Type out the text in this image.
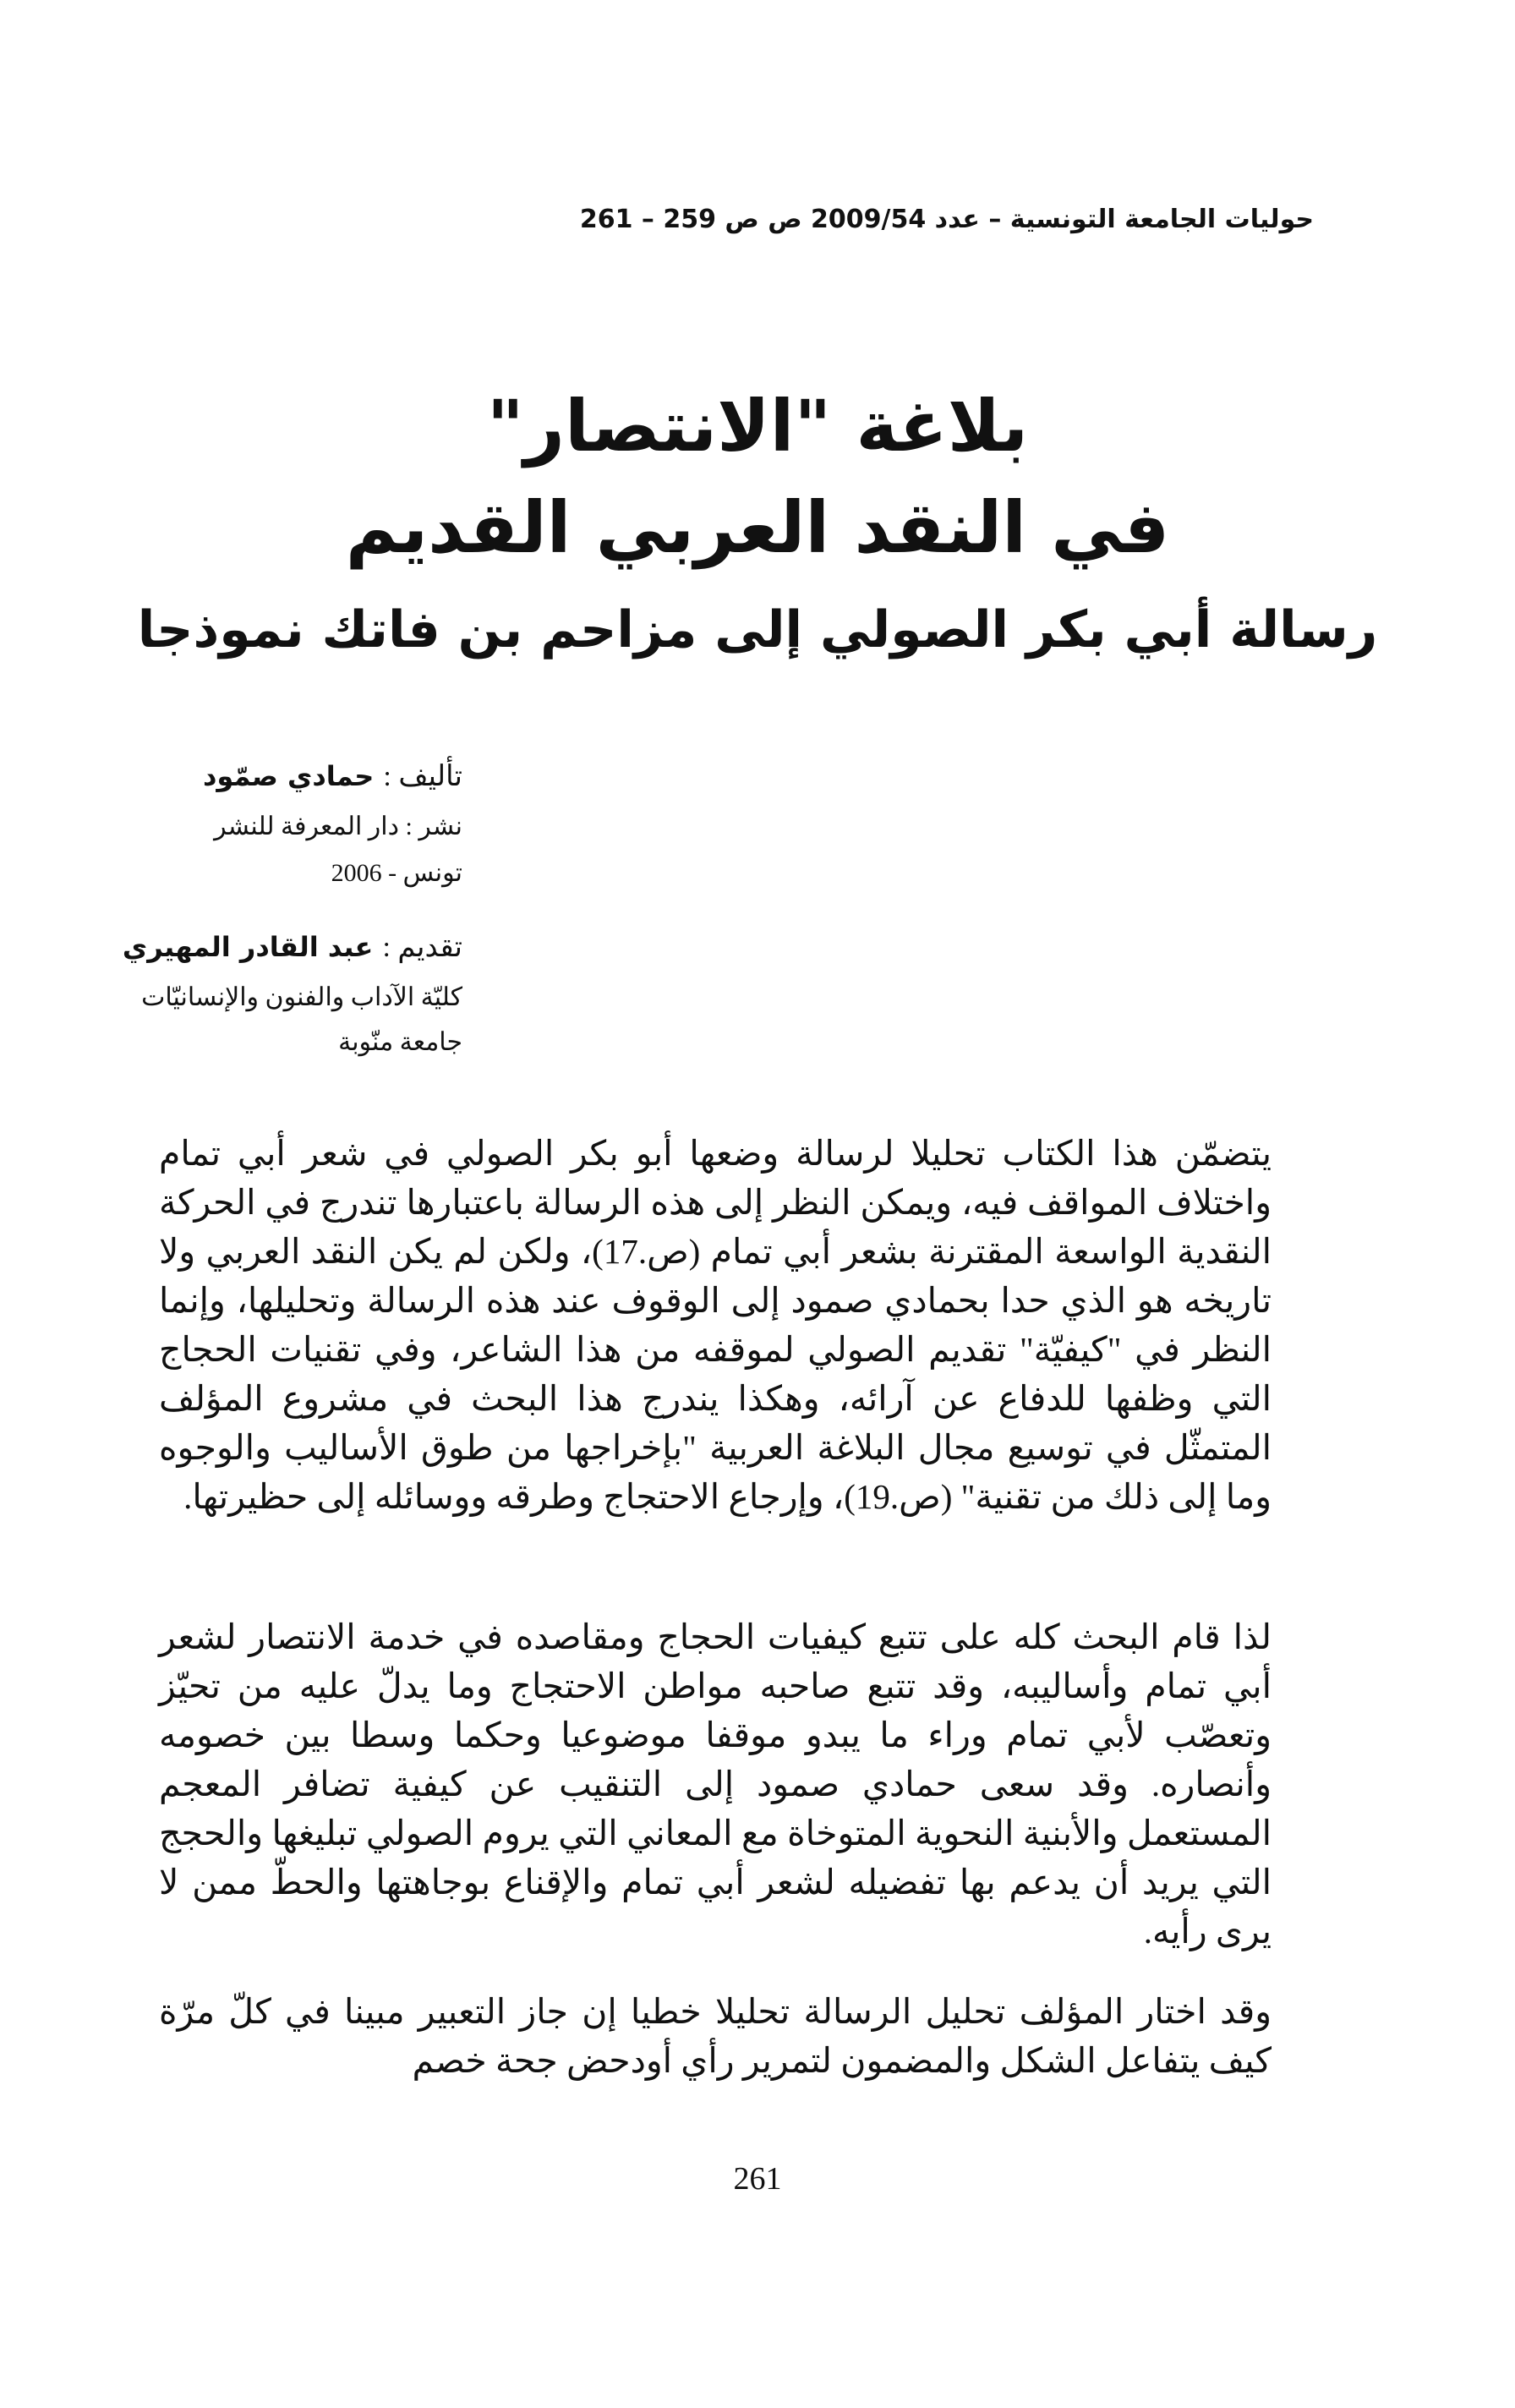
حوليات الجامعة التونسية – عدد 2009/54 ص ص 259 – 261
بلاغة "الانتصار"
في النقد العربي القديم
رسالة أبي بكر الصولي إلى مزاحم بن فاتك نموذجا
تأليف : حمادي صمّود
نشر : دار المعرفة للنشر
تونس - 2006
تقديم : عبد القادر المهيري
كليّة الآداب والفنون والإنسانيّات
جامعة منّوبة

يتضمّن هذا الكتاب تحليلا لرسالة وضعها أبو بكر الصولي في شعر أبي تمام واختلاف المواقف فيه، ويمكن النظر إلى هذه الرسالة باعتبارها تندرج في الحركة النقدية الواسعة المقترنة بشعر أبي تمام (ص.17)، ولكن لم يكن النقد العربي ولا تاريخه هو الذي حدا بحمادي صمود إلى الوقوف عند هذه الرسالة وتحليلها، وإنما النظر في "كيفيّة" تقديم الصولي لموقفه من هذا الشاعر، وفي تقنيات الحجاج التي وظفها للدفاع عن آرائه، وهكذا يندرج هذا البحث في مشروع المؤلف المتمثّل في توسيع مجال البلاغة العربية "بإخراجها من طوق الأساليب والوجوه وما إلى ذلك من تقنية" (ص.19)، وإرجاع الاحتجاج وطرقه ووسائله إلى حظيرتها.

لذا قام البحث كله على تتبع كيفيات الحجاج ومقاصده في خدمة الانتصار لشعر أبي تمام وأساليبه، وقد تتبع صاحبه مواطن الاحتجاج وما يدلّ عليه من تحيّز وتعصّب لأبي تمام وراء ما يبدو موقفا موضوعيا وحكما وسطا بين خصومه وأنصاره. وقد سعى حمادي صمود إلى التنقيب عن كيفية تضافر المعجم المستعمل والأبنية النحوية المتوخاة مع المعاني التي يروم الصولي تبليغها والحجج التي يريد أن يدعم بها تفضيله لشعر أبي تمام والإقناع بوجاهتها والحطّ ممن لا يرى رأيه.

وقد اختار المؤلف تحليل الرسالة تحليلا خطيا إن جاز التعبير مبينا في كلّ مرّة كيف يتفاعل الشكل والمضمون لتمرير رأي أودحض جحة خصم

261
